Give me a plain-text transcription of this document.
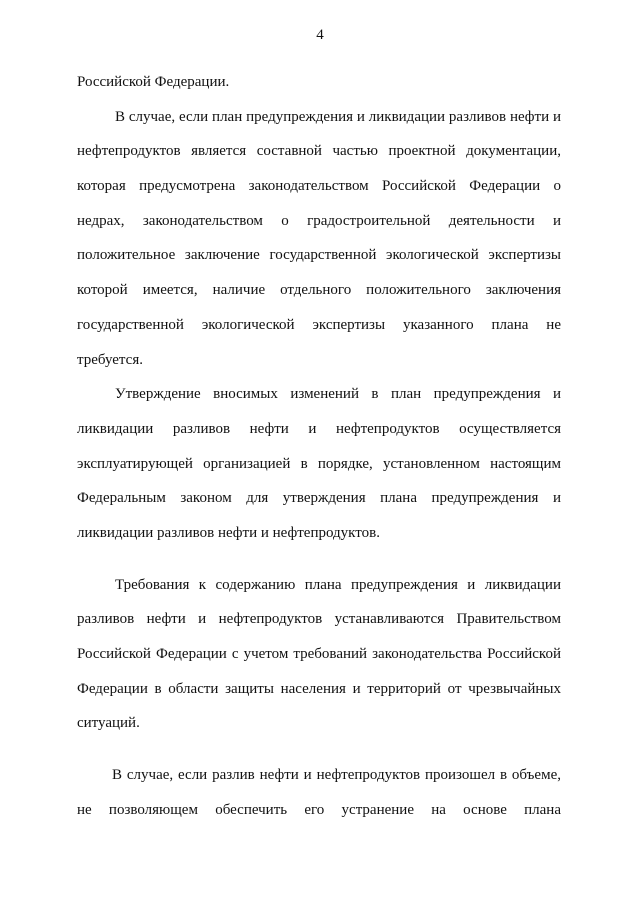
4
Российской Федерации.
В случае, если план предупреждения и ликвидации разливов нефти и
нефтепродуктов является составной частью проектной документации,
которая предусмотрена законодательством Российской Федерации о
недрах, законодательством о градостроительной деятельности и
положительное заключение государственной экологической экспертизы
которой имеется, наличие отдельного положительного заключения
государственной экологической экспертизы указанного плана не
требуется.
Утверждение вносимых изменений в план предупреждения и
ликвидации разливов нефти и нефтепродуктов осуществляется
эксплуатирующей организацией в порядке, установленном настоящим
Федеральным законом для утверждения плана предупреждения и
ликвидации разливов нефти и нефтепродуктов.
Требования к содержанию плана предупреждения и ликвидации
разливов нефти и нефтепродуктов устанавливаются Правительством
Российской Федерации с учетом требований законодательства Российской
Федерации в области защиты населения и территорий от чрезвычайных
ситуаций.
В случае, если разлив нефти и нефтепродуктов произошел в объеме,
не позволяющем обеспечить его устранение на основе плана
